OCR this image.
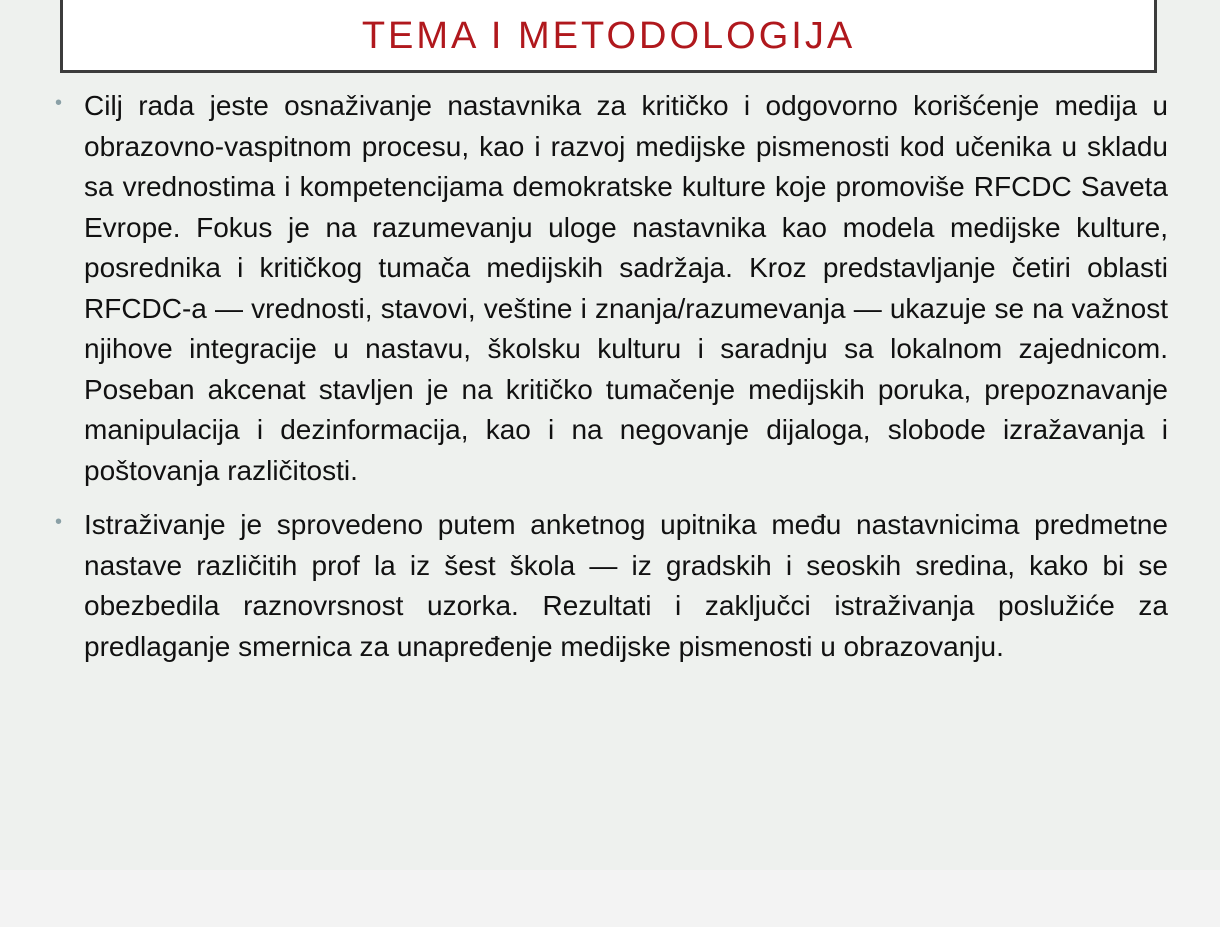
TEMA I METODOLOGIJA
• Cilj rada jeste osnaživanje nastavnika za kritičko i odgovorno korišćenje medija u obrazovno-vaspitnom procesu, kao i razvoj medijske pismenosti kod učenika u skladu sa vrednostima i kompetencijama demokratske kulture koje promoviše RFCDC Saveta Evrope. Fokus je na razumevanju uloge nastavnika kao modela medijske kulture, posrednika i kritičkog tumača medijskih sadržaja. Kroz predstavljanje četiri oblasti RFCDC-a — vrednosti, stavovi, veštine i znanja/razumevanja — ukazuje se na važnost njihove integracije u nastavu, školsku kulturu i saradnju sa lokalnom zajednicom. Poseban akcenat stavljen je na kritičko tumačenje medijskih poruka, prepoznavanje manipulacija i dezinformacija, kao i na negovanje dijaloga, slobode izražavanja i poštovanja različitosti.
• Istraživanje je sprovedeno putem anketnog upitnika među nastavnicima predmetne nastave različitih prof la iz šest škola — iz gradskih i seoskih sredina, kako bi se obezbedila raznovrsnost uzorka. Rezultati i zaključci istraživanja poslužiće za predlaganje smernica za unapređenje medijske pismenosti u obrazovanju.
